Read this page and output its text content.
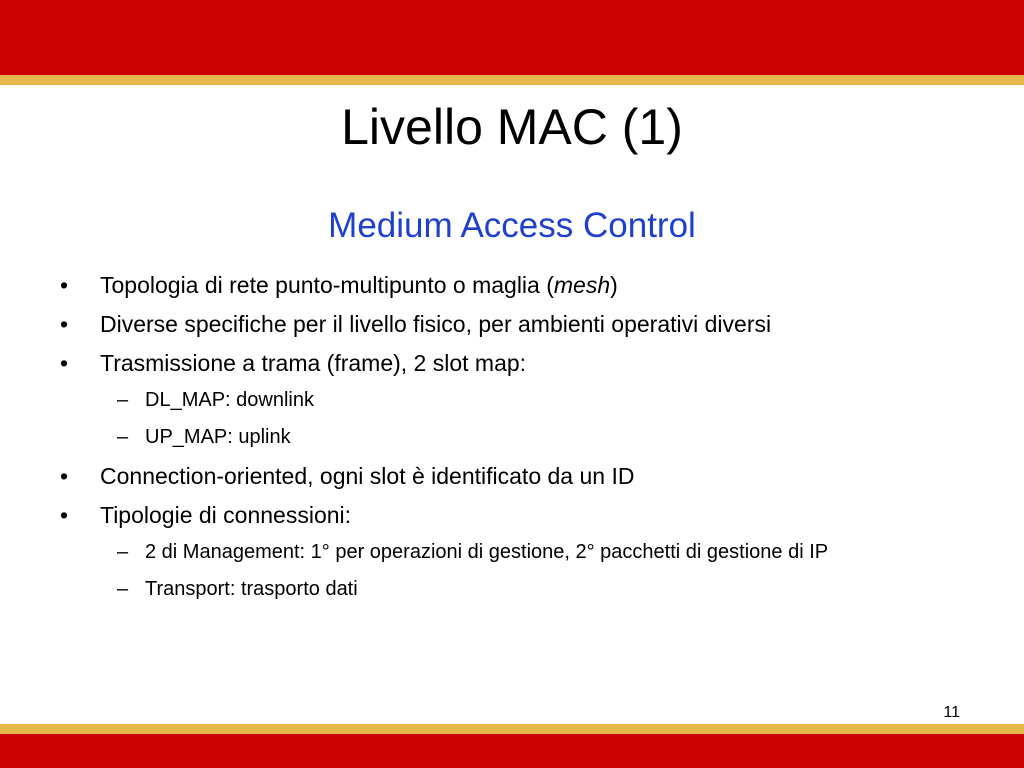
Livello MAC (1)
Medium Access Control
• Topologia di rete punto-multipunto o maglia (mesh)
• Diverse specifiche per il livello fisico, per ambienti operativi diversi
• Trasmissione a trama (frame), 2 slot map:
– DL_MAP: downlink
– UP_MAP: uplink
• Connection-oriented, ogni slot è identificato da un ID
• Tipologie di connessioni:
– 2 di Management: 1° per operazioni di gestione, 2° pacchetti di gestione di IP
– Transport: trasporto dati
11
